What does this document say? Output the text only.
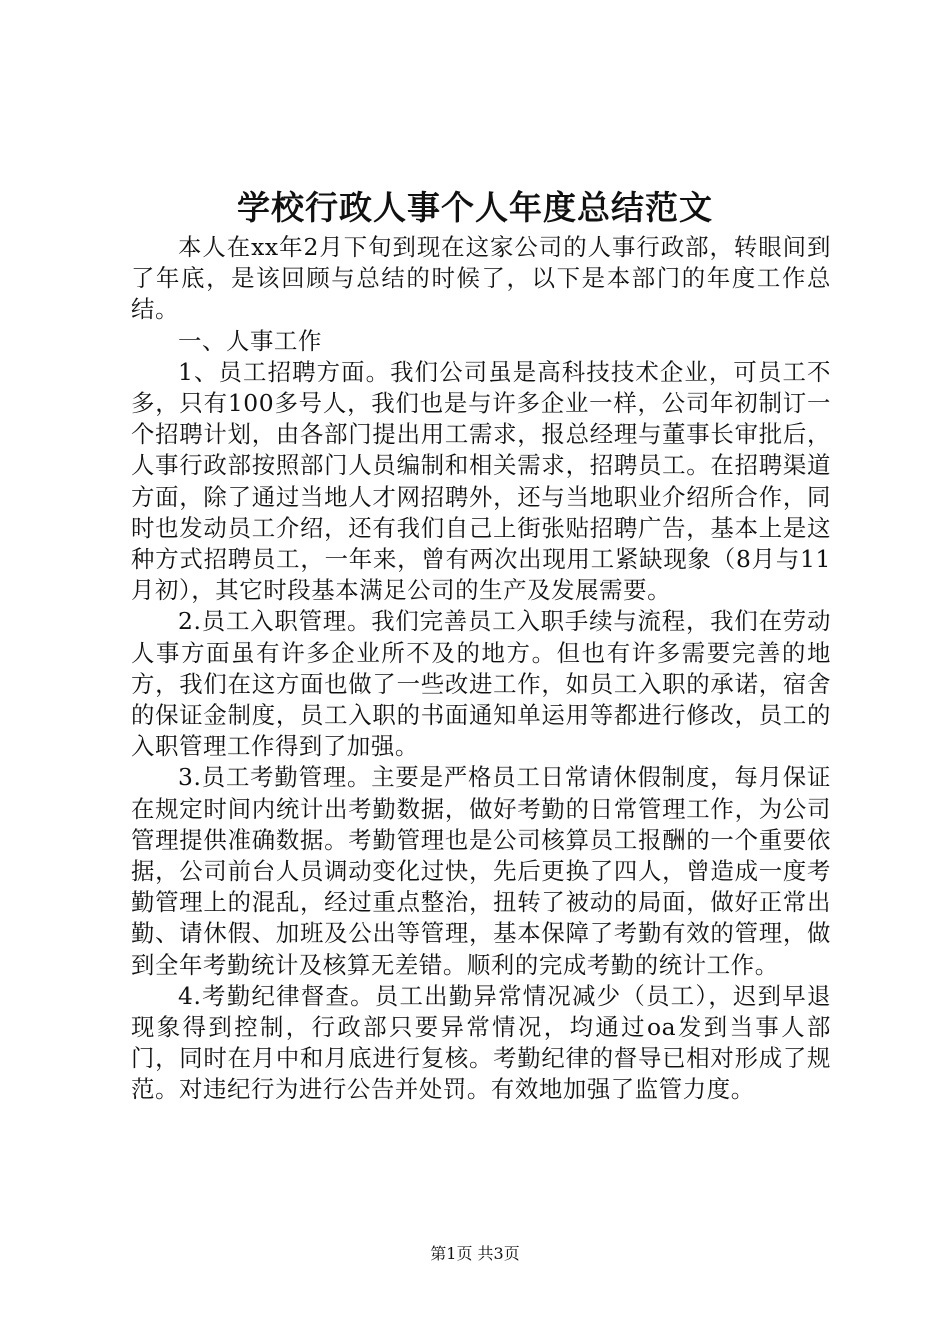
学校行政人事个人年度总结范文

本人在xx年2月下旬到现在这家公司的人事行政部，转眼间到了年底，是该回顾与总结的时候了，以下是本部门的年度工作总结。

一、人事工作

1、员工招聘方面。我们公司虽是高科技技术企业，可员工不多，只有100多号人，我们也是与许多企业一样，公司年初制订一个招聘计划，由各部门提出用工需求，报总经理与董事长审批后，人事行政部按照部门人员编制和相关需求，招聘员工。在招聘渠道方面，除了通过当地人才网招聘外，还与当地职业介绍所合作，同时也发动员工介绍，还有我们自己上街张贴招聘广告，基本上是这种方式招聘员工，一年来，曾有两次出现用工紧缺现象（8月与11月初），其它时段基本满足公司的生产及发展需要。

2.员工入职管理。我们完善员工入职手续与流程，我们在劳动人事方面虽有许多企业所不及的地方。但也有许多需要完善的地方，我们在这方面也做了一些改进工作，如员工入职的承诺，宿舍的保证金制度，员工入职的书面通知单运用等都进行修改，员工的入职管理工作得到了加强。

3.员工考勤管理。主要是严格员工日常请休假制度，每月保证在规定时间内统计出考勤数据，做好考勤的日常管理工作，为公司管理提供准确数据。考勤管理也是公司核算员工报酬的一个重要依据，公司前台人员调动变化过快，先后更换了四人，曾造成一度考勤管理上的混乱，经过重点整治，扭转了被动的局面，做好正常出勤、请休假、加班及公出等管理，基本保障了考勤有效的管理，做到全年考勤统计及核算无差错。顺利的完成考勤的统计工作。

4.考勤纪律督查。员工出勤异常情况减少（员工），迟到早退现象得到控制，行政部只要异常情况，均通过oa发到当事人部门，同时在月中和月底进行复核。考勤纪律的督导已相对形成了规范。对违纪行为进行公告并处罚。有效地加强了监管力度。

第1页 共3页
